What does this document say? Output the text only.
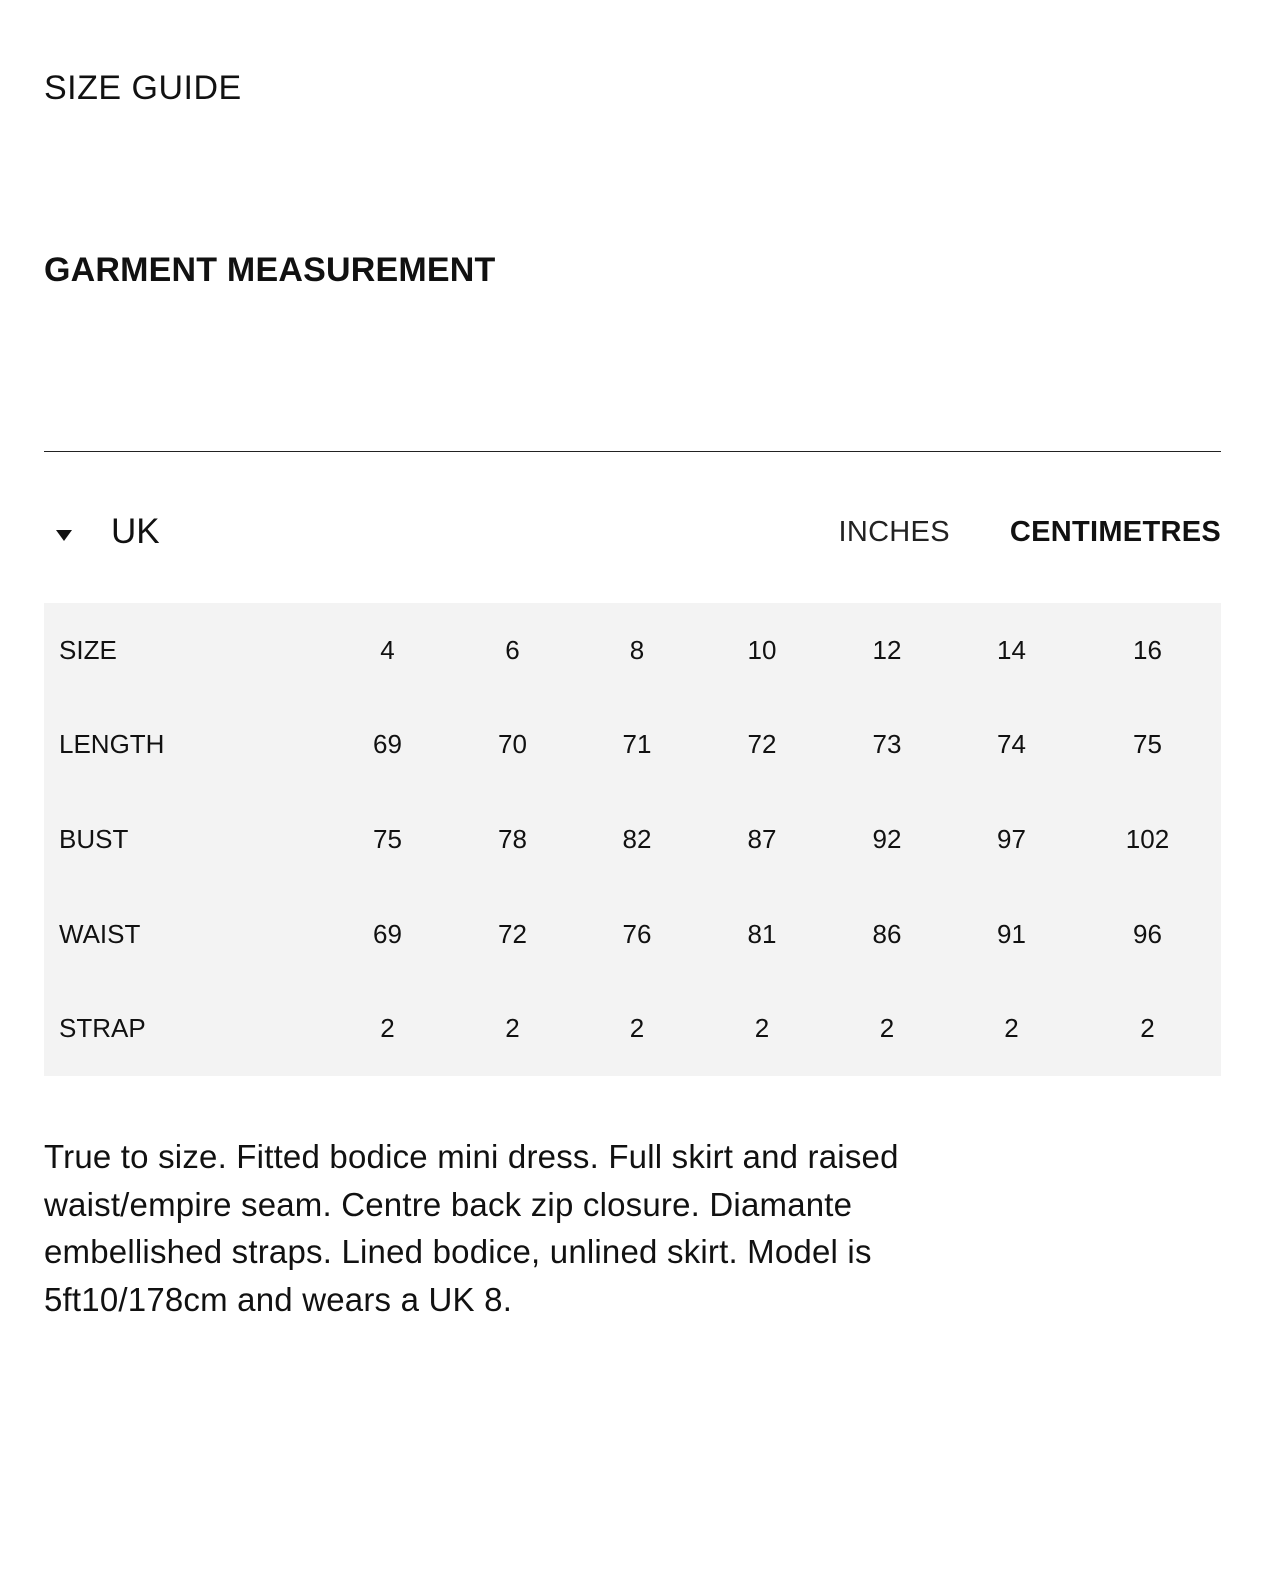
SIZE GUIDE
GARMENT MEASUREMENT
UK	INCHES CENTIMETRES
SIZE	4	6	8	10	12	14	16
LENGTH	69	70	71	72	73	74	75
BUST	75	78	82	87	92	97	102
WAIST	69	72	76	81	86	91	96
STRAP	2	2	2	2	2	2	2
True to size. Fitted bodice mini dress. Full skirt and raised waist/empire seam. Centre back zip closure. Diamante embellished straps. Lined bodice, unlined skirt. Model is 5ft10/178cm and wears a UK 8.
